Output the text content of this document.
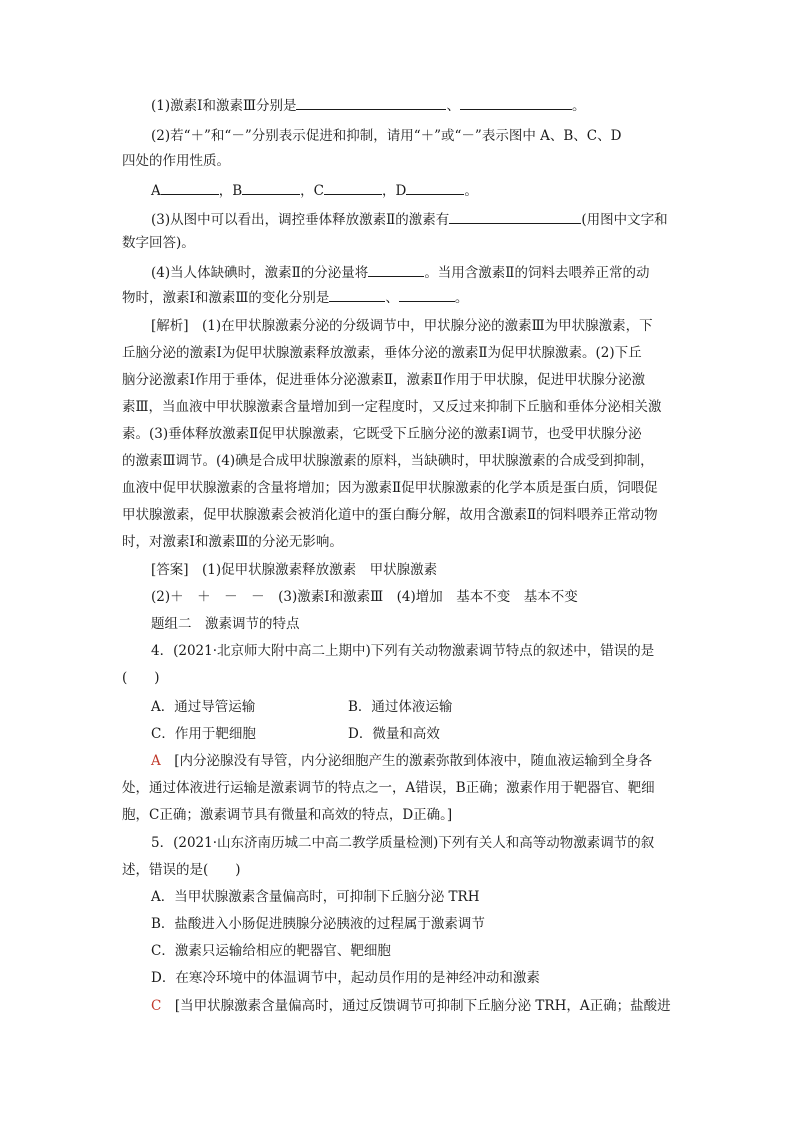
(1)激素Ⅰ和激素Ⅲ分别是	、	。
(2)若“＋”和“－”分别表示促进和抑制，请用“＋”或“－”表示图中 A、B、C、D
四处的作用性质。
A	，B	，C	，D	。
(3)从图中可以看出，调控垂体释放激素Ⅱ的激素有	(用图中文字和
数字回答)。
(4)当人体缺碘时，激素Ⅱ的分泌量将	。当用含激素Ⅱ的饲料去喂养正常的动
物时，激素Ⅰ和激素Ⅲ的变化分别是	、	。
[解析]　(1)在甲状腺激素分泌的分级调节中，甲状腺分泌的激素Ⅲ为甲状腺激素，下
丘脑分泌的激素Ⅰ为促甲状腺激素释放激素，垂体分泌的激素Ⅱ为促甲状腺激素。(2)下丘
脑分泌激素Ⅰ作用于垂体，促进垂体分泌激素Ⅱ，激素Ⅱ作用于甲状腺，促进甲状腺分泌激
素Ⅲ，当血液中甲状腺激素含量增加到一定程度时，又反过来抑制下丘脑和垂体分泌相关激
素。(3)垂体释放激素Ⅱ促甲状腺激素，它既受下丘脑分泌的激素Ⅰ调节，也受甲状腺分泌
的激素Ⅲ调节。(4)碘是合成甲状腺激素的原料，当缺碘时，甲状腺激素的合成受到抑制，
血液中促甲状腺激素的含量将增加；因为激素Ⅱ促甲状腺激素的化学本质是蛋白质，饲喂促
甲状腺激素，促甲状腺激素会被消化道中的蛋白酶分解，故用含激素Ⅱ的饲料喂养正常动物
时，对激素Ⅰ和激素Ⅲ的分泌无影响。
[答案]　(1)促甲状腺激素释放激素　甲状腺激素
(2)＋　＋　－　－　(3)激素Ⅰ和激素Ⅲ　(4)增加　基本不变　基本不变
题组二　激素调节的特点
4．(2021·北京师大附中高二上期中)下列有关动物激素调节特点的叙述中，错误的是
(　　)
A．通过导管运输	B．通过体液运输
C．作用于靶细胞	D．微量和高效
A　[内分泌腺没有导管，内分泌细胞产生的激素弥散到体液中，随血液运输到全身各
处，通过体液进行运输是激素调节的特点之一，A错误，B正确；激素作用于靶器官、靶细
胞，C正确；激素调节具有微量和高效的特点，D正确。]
5．(2021·山东济南历城二中高二教学质量检测)下列有关人和高等动物激素调节的叙
述，错误的是(　　)
A．当甲状腺激素含量偏高时，可抑制下丘脑分泌 TRH
B．盐酸进入小肠促进胰腺分泌胰液的过程属于激素调节
C．激素只运输给相应的靶器官、靶细胞
D．在寒冷环境中的体温调节中，起动员作用的是神经冲动和激素
C　[当甲状腺激素含量偏高时，通过反馈调节可抑制下丘脑分泌 TRH，A正确；盐酸进
